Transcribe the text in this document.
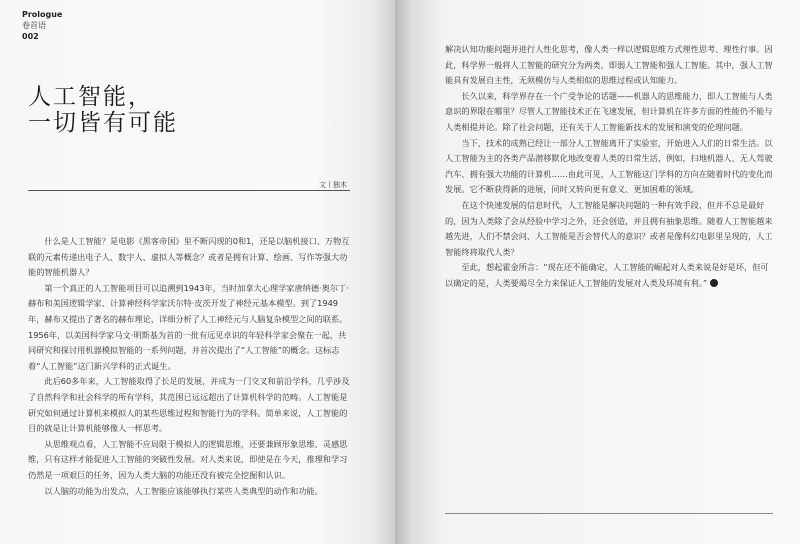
Prologue
卷首语
002
人工智能，
一切皆有可能
文丨独木

什么是人工智能？是电影《黑客帝国》里不断闪现的0和1，还是以脑机接口、万物互联的元素传递出电子人、数字人、虚拟人等概念？或者是拥有计算、绘画、写作等强大功能的智能机器人？

第一个真正的人工智能项目可以追溯到1943年，当时加拿大心理学家唐纳德·奥尔丁·赫布和美国逻辑学家、计算神经科学家沃尔特·皮茨开发了神经元基本模型。到了1949年，赫布又提出了著名的赫布理论，详细分析了人工神经元与人脑复杂模型之间的联系。1956年，以美国科学家马文·明斯基为首的一批有远见卓识的年轻科学家会聚在一起，共同研究和探讨用机器模拟智能的一系列问题，并首次提出了“人工智能”的概念。这标志着“人工智能”这门新兴学科的正式诞生。

此后60多年来，人工智能取得了长足的发展，并成为一门交叉和前沿学科，几乎涉及了自然科学和社会科学的所有学科，其范围已远远超出了计算机科学的范畴。人工智能是研究如何通过计算机来模拟人的某些思维过程和智能行为的学科。简单来说，人工智能的目的就是让计算机能够像人一样思考。

从思维观点看，人工智能不应局限于模拟人的逻辑思维，还要兼顾形象思维、灵感思维，只有这样才能促进人工智能的突破性发展。对人类来说，即使是在今天，推理和学习仍然是一项艰巨的任务，因为人类大脑的功能还没有被完全挖掘和认识。

以人脑的功能为出发点，人工智能应该能够执行某些人类典型的动作和功能。

解决认知功能问题并进行人性化思考，像人类一样以逻辑思维方式理性思考、理性行事。因此，科学界一般将人工智能的研究分为两类，即弱人工智能和强人工智能。其中，强人工智能具有发展自主性，无须模仿与人类相似的思维过程或认知能力。

长久以来，科学界存在一个广受争论的话题——机器人的思维能力，即人工智能与人类意识的界限在哪里？尽管人工智能技术正在飞速发展，但计算机在许多方面的性能仍不能与人类相提并论。除了社会问题，还有关于人工智能新技术的发展和演变的伦理问题。

当下，技术的成熟已经让一部分人工智能离开了实验室，开始进入人们的日常生活。以人工智能为主的各类产品潜移默化地改变着人类的日常生活，例如，扫地机器人、无人驾驶汽车、拥有强大功能的计算机……由此可见，人工智能这门学科的方向在随着时代的变化而发展。它不断获得新的进展，同时又转向更有意义、更加困难的领域。

在这个快速发展的信息时代，人工智能是解决问题的一种有效手段，但并不总是最好的，因为人类除了会从经验中学习之外，还会创造，并且拥有抽象思维。随着人工智能越来越先进，人们不禁会问，人工智能是否会替代人的意识？或者是像科幻电影里呈现的，人工智能终将取代人类？

至此，想起霍金所言：“现在还不能确定，人工智能的崛起对人类来说是好是坏，但可以确定的是，人类要竭尽全力来保证人工智能的发展对人类及环境有利。”
